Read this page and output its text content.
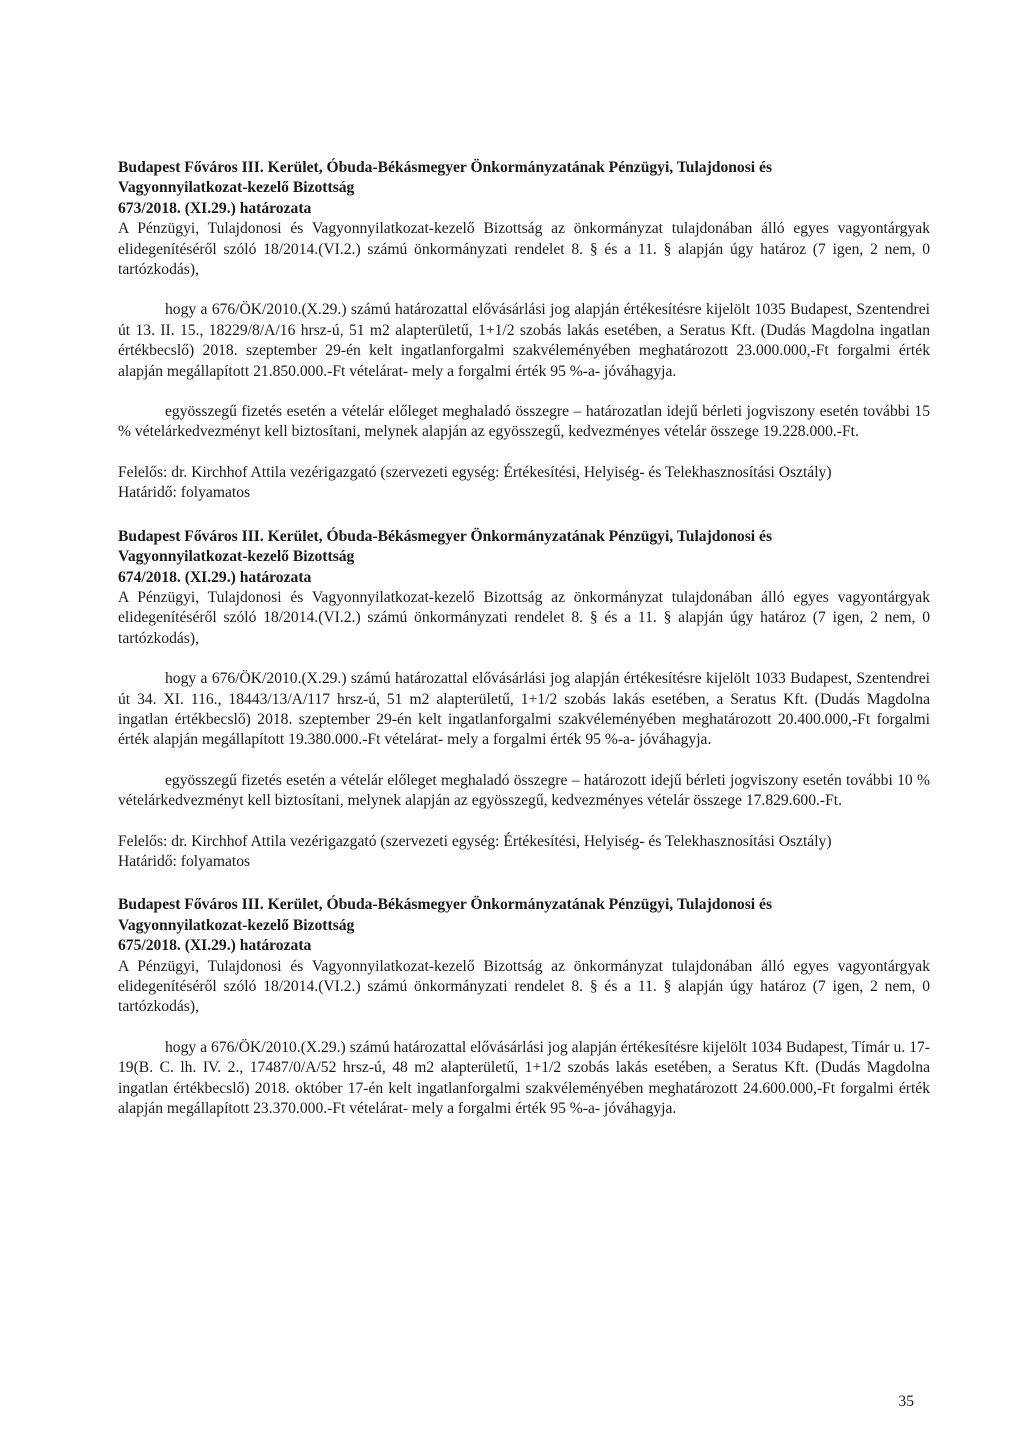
Budapest Főváros III. Kerület, Óbuda-Békásmegyer Önkormányzatának Pénzügyi, Tulajdonosi és
Vagyonnyilatkozat-kezelő Bizottság
673/2018. (XI.29.) határozata

A Pénzügyi, Tulajdonosi és Vagyonnyilatkozat-kezelő Bizottság az önkormányzat tulajdonában álló egyes vagyontárgyak elidegenítéséről szóló 18/2014.(VI.2.) számú önkormányzati rendelet 8. § és a 11. § alapján úgy határoz (7 igen, 2 nem, 0 tartózkodás),

hogy a 676/ÖK/2010.(X.29.) számú határozattal elővásárlási jog alapján értékesítésre kijelölt 1035 Budapest, Szentendrei út 13. II. 15., 18229/8/A/16 hrsz-ú, 51 m2 alapterületű, 1+1/2 szobás lakás esetében, a Seratus Kft. (Dudás Magdolna ingatlan értékbecslő) 2018. szeptember 29-én kelt ingatlanforgalmi szakvéleményében meghatározott 23.000.000,-Ft forgalmi érték alapján megállapított 21.850.000.-Ft vételárat- mely a forgalmi érték 95 %-a- jóváhagyja.

egyösszegű fizetés esetén a vételár előleget meghaladó összegre – határozatlan idejű bérleti jogviszony esetén további 15 % vételárkedvezményt kell biztosítani, melynek alapján az egyösszegű, kedvezményes vételár összege 19.228.000.-Ft.

Felelős: dr. Kirchhof Attila vezérigazgató (szervezeti egység: Értékesítési, Helyiség- és Telekhasznosítási Osztály)

Határidő: folyamatos

Budapest Főváros III. Kerület, Óbuda-Békásmegyer Önkormányzatának Pénzügyi, Tulajdonosi és
Vagyonnyilatkozat-kezelő Bizottság
674/2018. (XI.29.) határozata

A Pénzügyi, Tulajdonosi és Vagyonnyilatkozat-kezelő Bizottság az önkormányzat tulajdonában álló egyes vagyontárgyak elidegenítéséről szóló 18/2014.(VI.2.) számú önkormányzati rendelet 8. § és a 11. § alapján úgy határoz (7 igen, 2 nem, 0 tartózkodás),

hogy a 676/ÖK/2010.(X.29.) számú határozattal elővásárlási jog alapján értékesítésre kijelölt 1033 Budapest, Szentendrei út 34. XI. 116., 18443/13/A/117 hrsz-ú, 51 m2 alapterületű, 1+1/2 szobás lakás esetében, a Seratus Kft. (Dudás Magdolna ingatlan értékbecslő) 2018. szeptember 29-én kelt ingatlanforgalmi szakvéleményében meghatározott 20.400.000,-Ft forgalmi érték alapján megállapított 19.380.000.-Ft vételárat- mely a forgalmi érték 95 %-a- jóváhagyja.

egyösszegű fizetés esetén a vételár előleget meghaladó összegre – határozott idejű bérleti jogviszony esetén további 10 % vételárkedvezményt kell biztosítani, melynek alapján az egyösszegű, kedvezményes vételár összege 17.829.600.-Ft.

Felelős: dr. Kirchhof Attila vezérigazgató (szervezeti egység: Értékesítési, Helyiség- és Telekhasznosítási Osztály)

Határidő: folyamatos

Budapest Főváros III. Kerület, Óbuda-Békásmegyer Önkormányzatának Pénzügyi, Tulajdonosi és
Vagyonnyilatkozat-kezelő Bizottság
675/2018. (XI.29.) határozata

A Pénzügyi, Tulajdonosi és Vagyonnyilatkozat-kezelő Bizottság az önkormányzat tulajdonában álló egyes vagyontárgyak elidegenítéséről szóló 18/2014.(VI.2.) számú önkormányzati rendelet 8. § és a 11. § alapján úgy határoz (7 igen, 2 nem, 0 tartózkodás),

hogy a 676/ÖK/2010.(X.29.) számú határozattal elővásárlási jog alapján értékesítésre kijelölt 1034 Budapest, Tímár u. 17-19(B. C. lh. IV. 2., 17487/0/A/52 hrsz-ú, 48 m2 alapterületű, 1+1/2 szobás lakás esetében, a Seratus Kft. (Dudás Magdolna ingatlan értékbecslő) 2018. október 17-én kelt ingatlanforgalmi szakvéleményében meghatározott 24.600.000,-Ft forgalmi érték alapján megállapított 23.370.000.-Ft vételárat- mely a forgalmi érték 95 %-a- jóváhagyja.

35
